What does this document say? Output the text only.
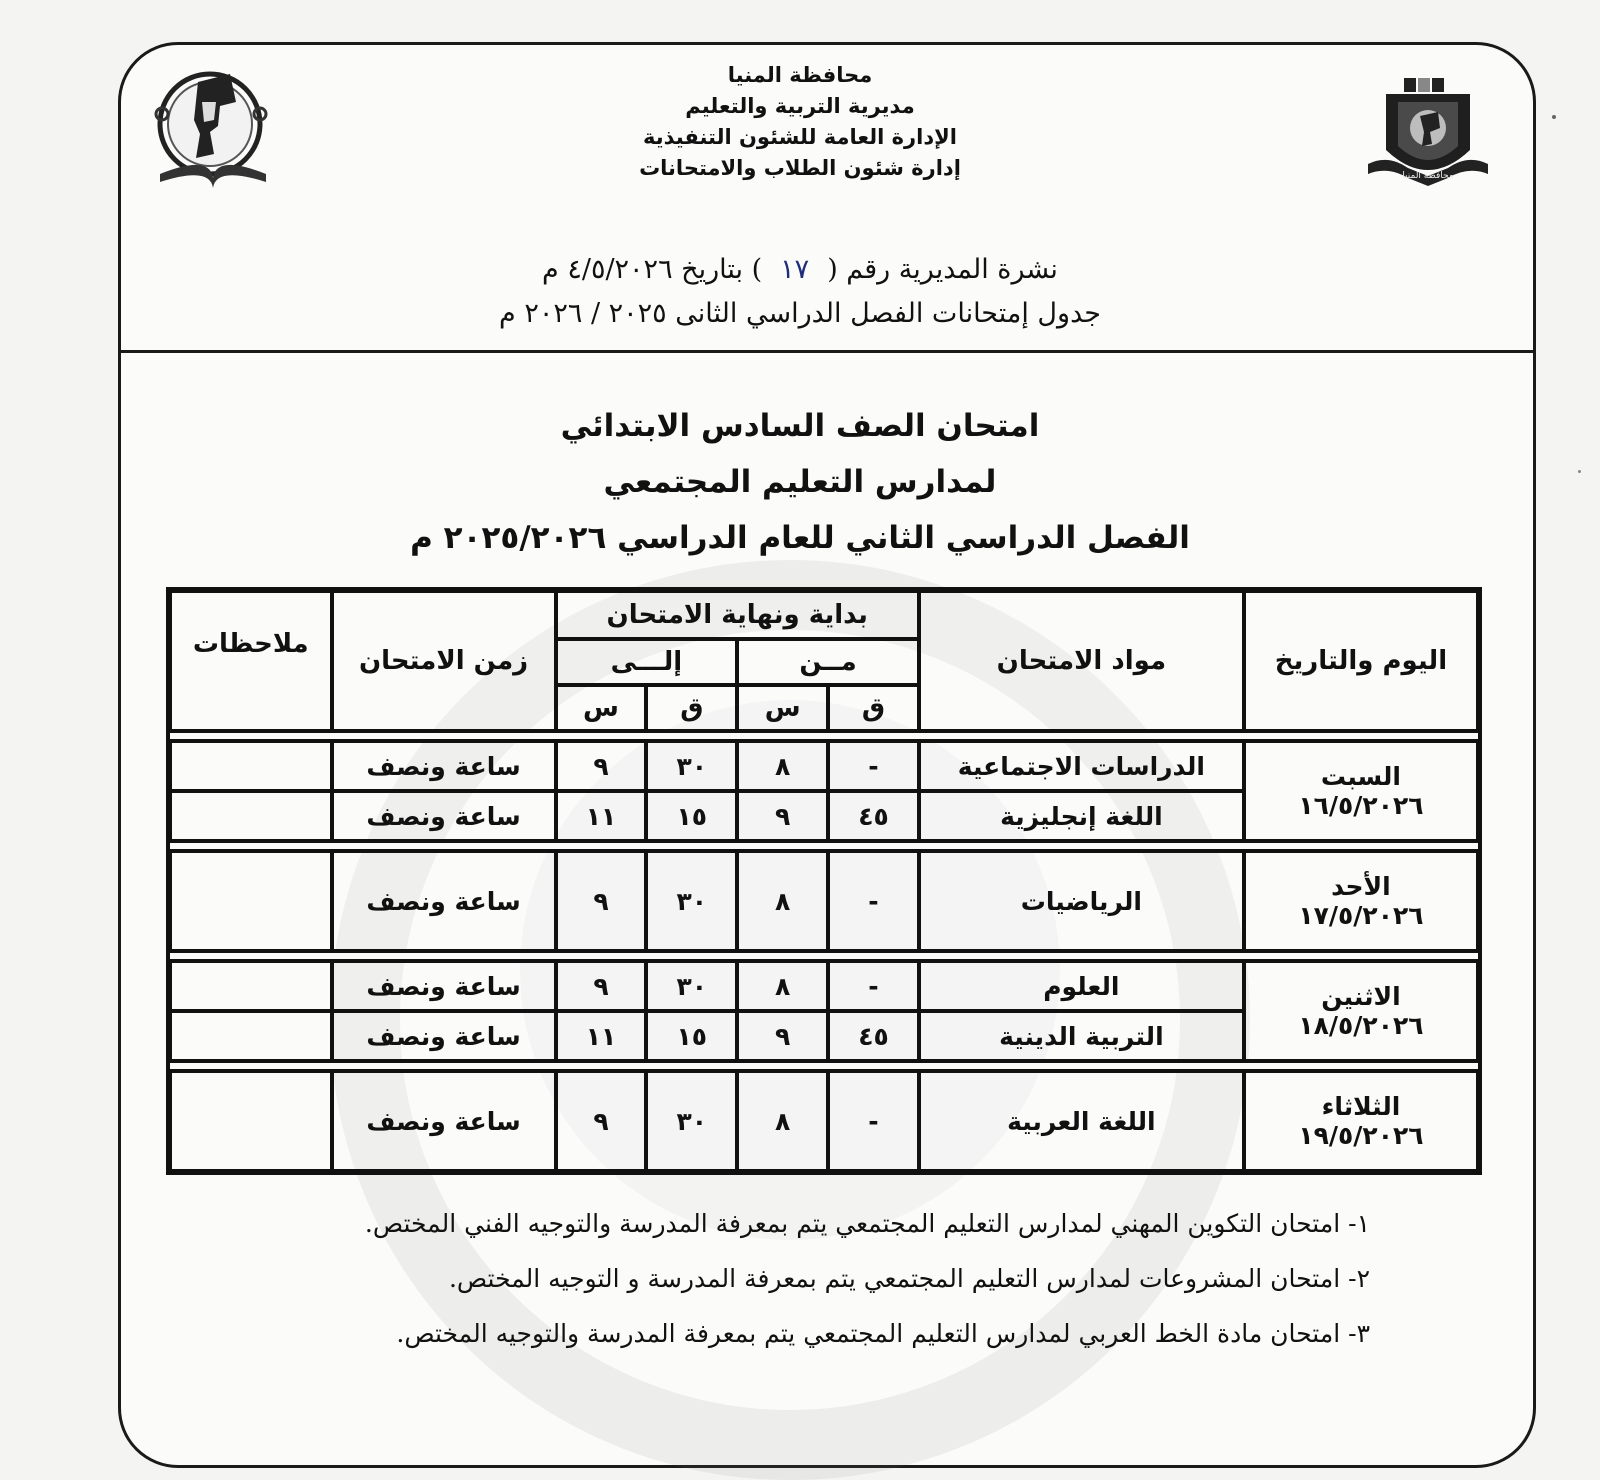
محافظة المنيا
محافظة المنيا
مديرية التربية والتعليم
الإدارة العامة للشئون التنفيذية
إدارة شئون الطلاب والامتحانات
نشرة المديرية رقم (١٧) بتاريخ ٤/٥/٢٠٢٦ م
جدول إمتحانات الفصل الدراسي الثانى ٢٠٢٥ / ٢٠٢٦ م
امتحان الصف السادس الابتدائي
لمدارس التعليم المجتمعي
الفصل الدراسي الثاني للعام الدراسي ٢٠٢٥/٢٠٢٦ م
اليوم والتاريخ	مواد الامتحان	بداية ونهاية الامتحان				زمن الامتحان	ملاحظات
		مــن		إلـــى			
		ق	س	ق	س		

السبت
١٦/٥/٢٠٢٦	الدراسات الاجتماعية	-	٨	٣٠	٩	ساعة ونصف	
	اللغة إنجليزية	٤٥	٩	١٥	١١	ساعة ونصف	

الأحد
١٧/٥/٢٠٢٦	الرياضيات	-	٨	٣٠	٩	ساعة ونصف	

الاثنين
١٨/٥/٢٠٢٦	العلوم	-	٨	٣٠	٩	ساعة ونصف	
	التربية الدينية	٤٥	٩	١٥	١١	ساعة ونصف	

الثلاثاء
١٩/٥/٢٠٢٦	اللغة العربية	-	٨	٣٠	٩	ساعة ونصف	
١- امتحان التكوين المهني لمدارس التعليم المجتمعي يتم بمعرفة المدرسة والتوجيه الفني المختص.
٢- امتحان المشروعات لمدارس التعليم المجتمعي يتم بمعرفة المدرسة و التوجيه المختص.
٣- امتحان مادة الخط العربي لمدارس التعليم المجتمعي يتم بمعرفة المدرسة والتوجيه المختص.
